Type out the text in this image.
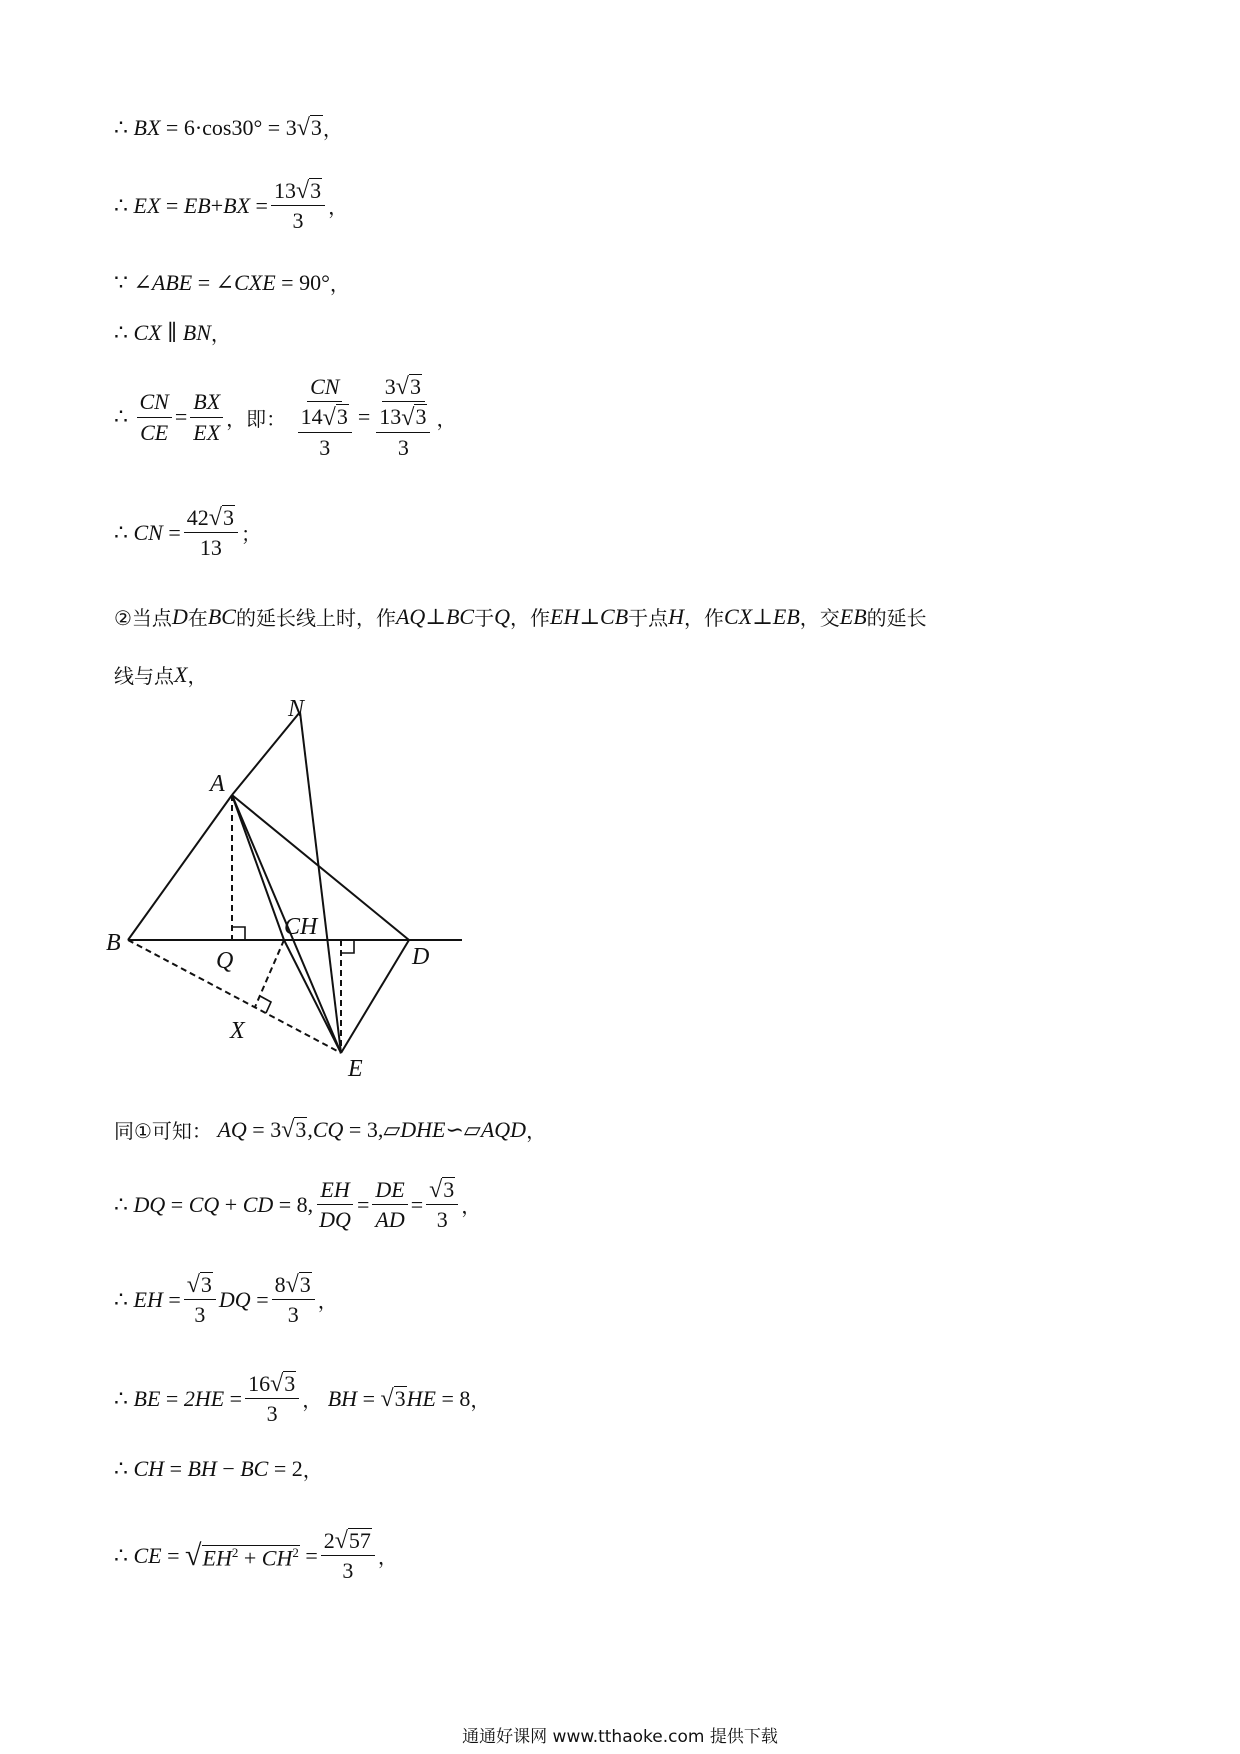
∴
BX
=
6·cos30°
=
3 √ 3 ，
∴
EX
=
EB + BX
= $\frac{13 √ 3}{3}$ ，
∵
∠ABE
=
∠CXE
=
90° ，
∴
CX
∥
BN ，
∴
$\frac{CN}{CE} = \frac{BX}{EX}$ ，即：
$\frac{CN}{\frac{14 √ 3}{3}} = \frac{3 √ 3}{\frac{13 √ 3}{3}}$ ，
∴
CN
= $\frac{42 √ 3}{13}$ ；
②当点 D 在 BC 的延长线上时，作 AQ ⊥ BC 于 Q ，作 EH ⊥ CB 于点 H ，作 CX ⊥ EB ，交 EB 的延长
线与点 X ，
N
A
B
Q
CH
D
X
E
同①可知：
AQ
=
3 √ 3 , CQ
=
3, ▱ DHE ∽ ▱ AQD ，
∴
DQ
=
CQ
+
CD
=
8, $\frac{EH}{DQ} = \frac{DE}{AD} = \frac{√ 3}{3}$ ，
∴
EH
= $\frac{√ 3}{3}$ DQ
= $\frac{8 √ 3}{3}$ ，
∴
BE
=
2HE
= $\frac{16 √ 3}{3}$ ，
BH
=
√ 3 HE
=
8 ，
∴
CH
=
BH
−
BC
=
2 ，
∴
CE
=
√ $EH^2 + CH^2$
= $\frac{2 √ 57}{3}$ ，
通通好课网 www.tthaoke.com 提供下载
